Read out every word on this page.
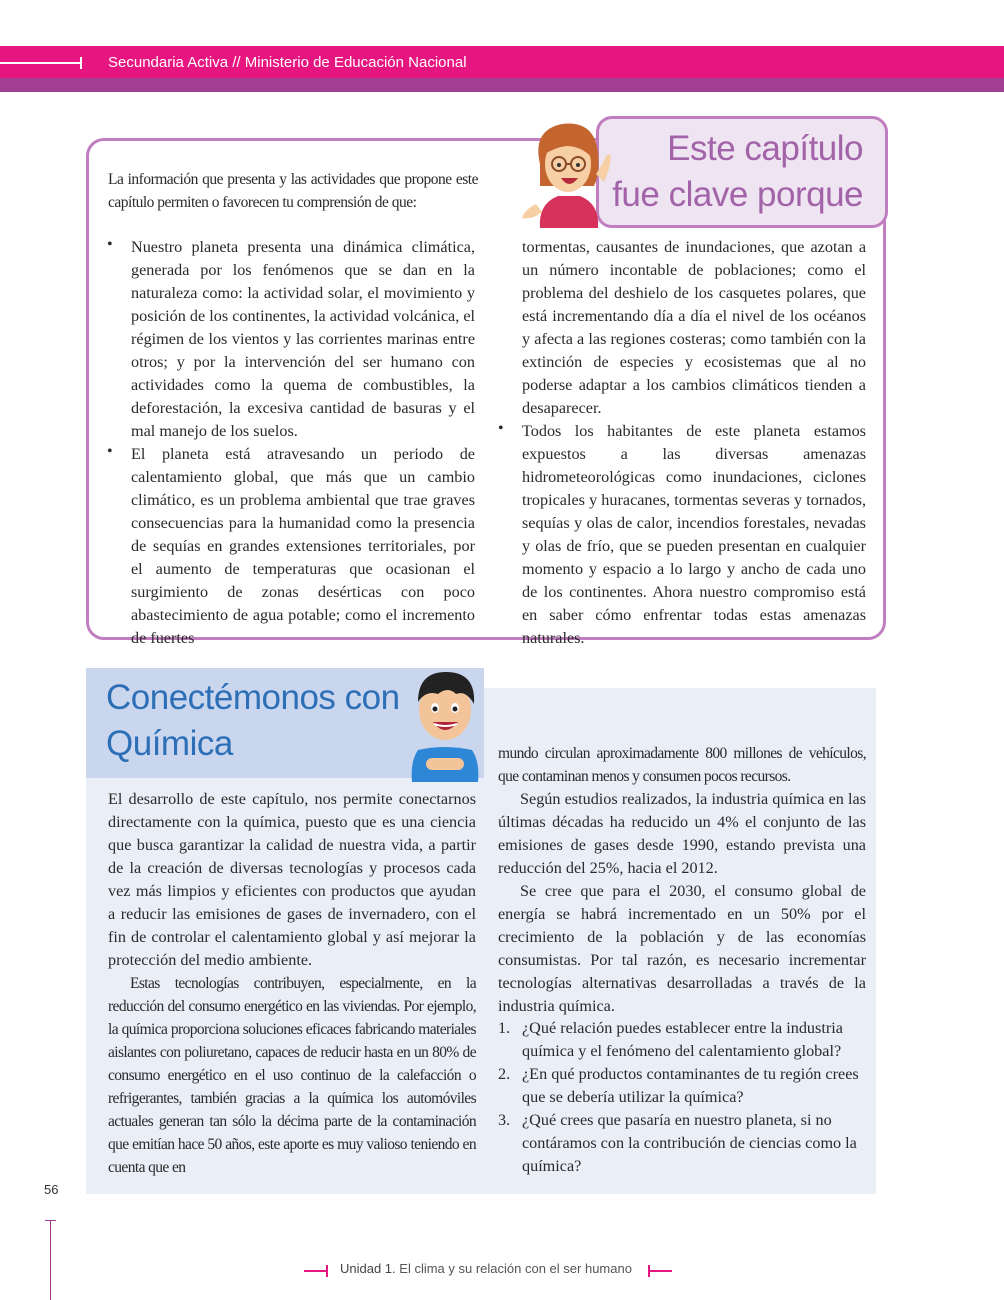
Secundaria Activa // Ministerio de Educación Nacional
Este capítulo
fue clave porque
La información que presenta y las actividades que propone este capítulo permiten o favorecen tu comprensión de que:
• Nuestro planeta presenta una dinámica climática, generada por los fenómenos que se dan en la naturaleza como: la actividad solar, el movimiento y posición de los continentes, la actividad volcánica, el régimen de los vientos y las corrientes marinas entre otros; y por la intervención del ser humano con actividades como la quema de combustibles, la deforestación, la excesiva cantidad de basuras y el mal manejo de los suelos.
• El planeta está atravesando un periodo de calentamiento global, que más que un cambio climático, es un problema ambiental que trae graves consecuencias para la humanidad como la presencia de sequías en grandes extensiones territoriales, por el aumento de temperaturas que ocasionan el surgimiento de zonas desérticas con poco abastecimiento de agua potable; como el incremento de fuertes
tormentas, causantes de inundaciones, que azotan a un número incontable de poblaciones; como el problema del deshielo de los casquetes polares, que está incrementando día a día el nivel de los océanos y afecta a las regiones costeras; como también con la extinción de especies y ecosistemas que al no poderse adaptar a los cambios climáticos tienden a desaparecer.
• Todos los habitantes de este planeta estamos expuestos a las diversas amenazas hidrometeorológicas como inundaciones, ciclones tropicales y huracanes, tormentas severas y tornados, sequías y olas de calor, incendios forestales, nevadas y olas de frío, que se pueden presentan en cualquier momento y espacio a lo largo y ancho de cada uno de los continentes. Ahora nuestro compromiso está en saber cómo enfrentar todas estas amenazas naturales.
Conectémonos con
Química
El desarrollo de este capítulo, nos permite conectarnos directamente con la química, puesto que es una ciencia que busca garantizar la calidad de nuestra vida, a partir de la creación de diversas tecnologías y procesos cada vez más limpios y eficientes con productos que ayudan a reducir las emisiones de gases de invernadero, con el fin de controlar el calentamiento global y así mejorar la protección del medio ambiente.
Estas tecnologías contribuyen, especialmente, en la reducción del consumo energético en las viviendas. Por ejemplo, la química proporciona soluciones eficaces fabricando materiales aislantes con poliuretano, capaces de reducir hasta en un 80% de consumo energético en el uso continuo de la calefacción o refrigerantes, también gracias a la química los automóviles actuales generan tan sólo la décima parte de la contaminación que emitían hace 50 años, este aporte es muy valioso teniendo en cuenta que en
mundo circulan aproximadamente 800 millones de vehículos, que contaminan menos y consumen pocos recursos.
Según estudios realizados, la industria química en las últimas décadas ha reducido un 4% el conjunto de las emisiones de gases desde 1990, estando prevista una reducción del 25%, hacia el 2012.
Se cree que para el 2030, el consumo global de energía se habrá incrementado en un 50% por el crecimiento de la población y de las economías consumistas. Por tal razón, es necesario incrementar tecnologías alternativas desarrolladas a través de la industria química.
1. ¿Qué relación puedes establecer entre la industria química y el fenómeno del calentamiento global?
2. ¿En qué productos contaminantes de tu región crees que se debería utilizar la química?
3. ¿Qué crees que pasaría en nuestro planeta, si no contáramos con la contribución de ciencias como la química?
56
Unidad 1. El clima y su relación con el ser humano
